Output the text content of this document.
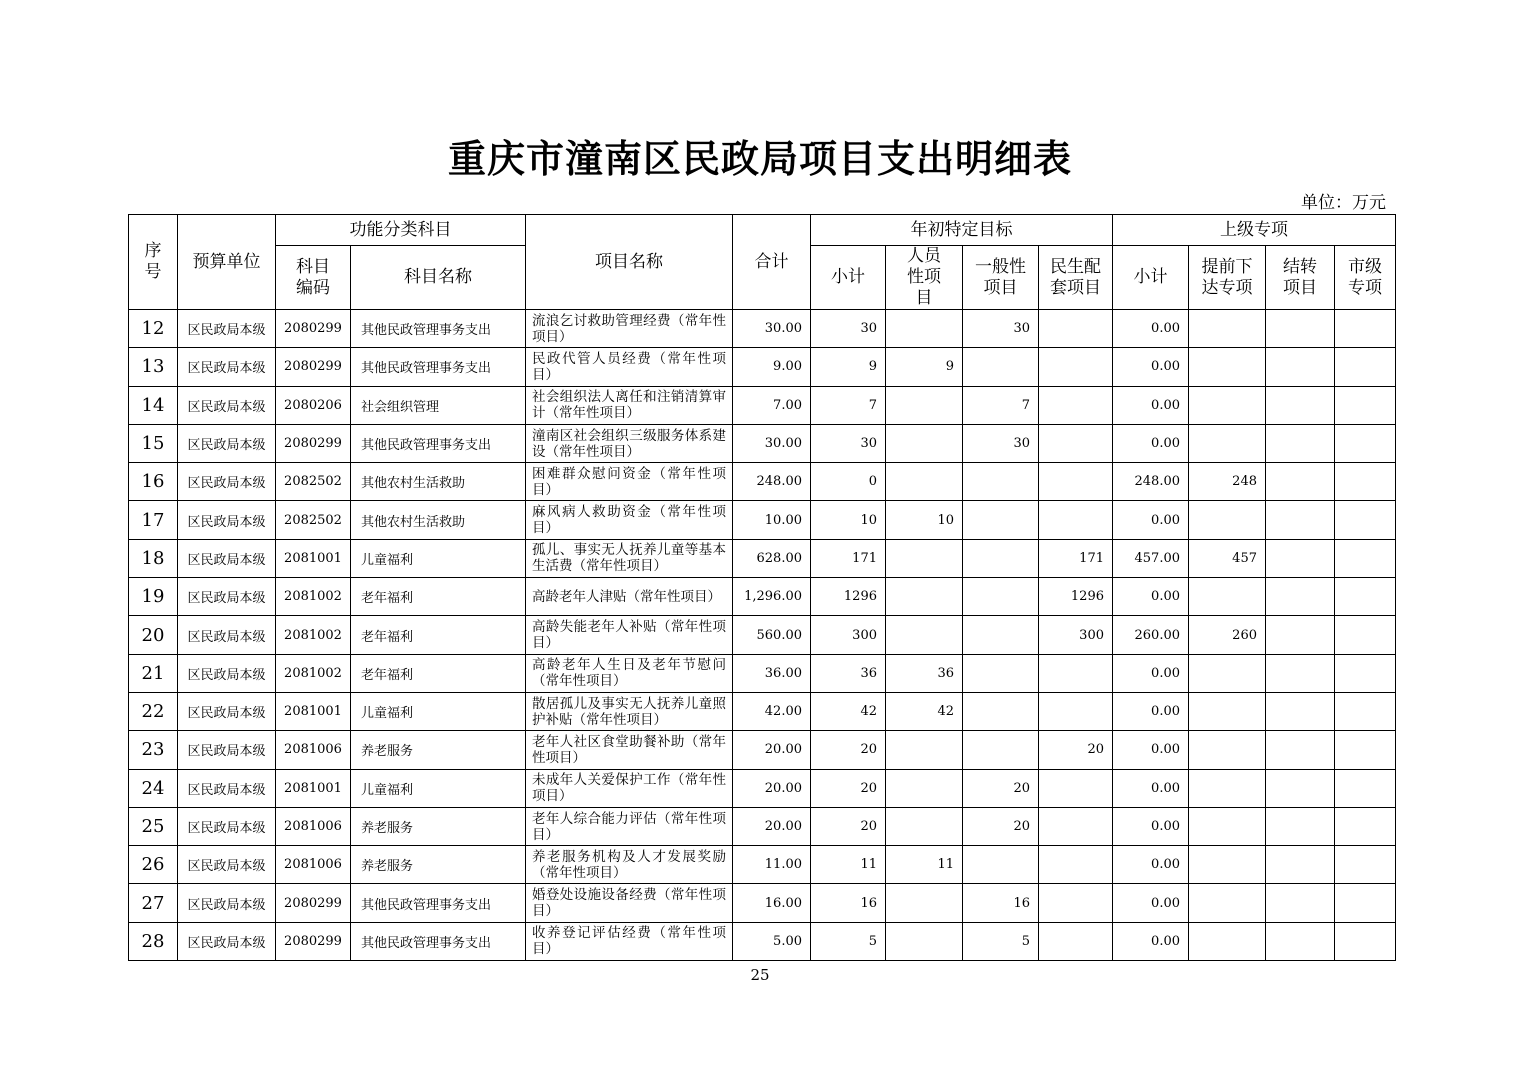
重庆市潼南区民政局项目支出明细表
单位：万元
序号	预算单位	功能分类科目		项目名称	合计	年初特定目标				上级专项			
		科目编码	科目名称			小计	人员性项目	一般性项目	民生配套项目	小计	提前下达专项	结转项目	市级专项
12	区民政局本级	2080299	其他民政管理事务支出	流浪乞讨救助管理经费（常年性项目）	30.00	30		30		0.00			
13	区民政局本级	2080299	其他民政管理事务支出	民政代管人员经费（常年性项目）	9.00	9	9			0.00			
14	区民政局本级	2080206	社会组织管理	社会组织法人离任和注销清算审计（常年性项目）	7.00	7		7		0.00			
15	区民政局本级	2080299	其他民政管理事务支出	潼南区社会组织三级服务体系建设（常年性项目）	30.00	30		30		0.00			
16	区民政局本级	2082502	其他农村生活救助	困难群众慰问资金（常年性项目）	248.00	0				248.00	248		
17	区民政局本级	2082502	其他农村生活救助	麻风病人救助资金（常年性项目）	10.00	10	10			0.00			
18	区民政局本级	2081001	儿童福利	孤儿、事实无人抚养儿童等基本生活费（常年性项目）	628.00	171			171	457.00	457		
19	区民政局本级	2081002	老年福利	高龄老年人津贴（常年性项目）	1,296.00	1296			1296	0.00			
20	区民政局本级	2081002	老年福利	高龄失能老年人补贴（常年性项目）	560.00	300			300	260.00	260		
21	区民政局本级	2081002	老年福利	高龄老年人生日及老年节慰问（常年性项目）	36.00	36	36			0.00			
22	区民政局本级	2081001	儿童福利	散居孤儿及事实无人抚养儿童照护补贴（常年性项目）	42.00	42	42			0.00			
23	区民政局本级	2081006	养老服务	老年人社区食堂助餐补助（常年性项目）	20.00	20			20	0.00			
24	区民政局本级	2081001	儿童福利	未成年人关爱保护工作（常年性项目）	20.00	20		20		0.00			
25	区民政局本级	2081006	养老服务	老年人综合能力评估（常年性项目）	20.00	20		20		0.00			
26	区民政局本级	2081006	养老服务	养老服务机构及人才发展奖励（常年性项目）	11.00	11	11			0.00			
27	区民政局本级	2080299	其他民政管理事务支出	婚登处设施设备经费（常年性项目）	16.00	16		16		0.00			
28	区民政局本级	2080299	其他民政管理事务支出	收养登记评估经费（常年性项目）	5.00	5		5		0.00			
25
